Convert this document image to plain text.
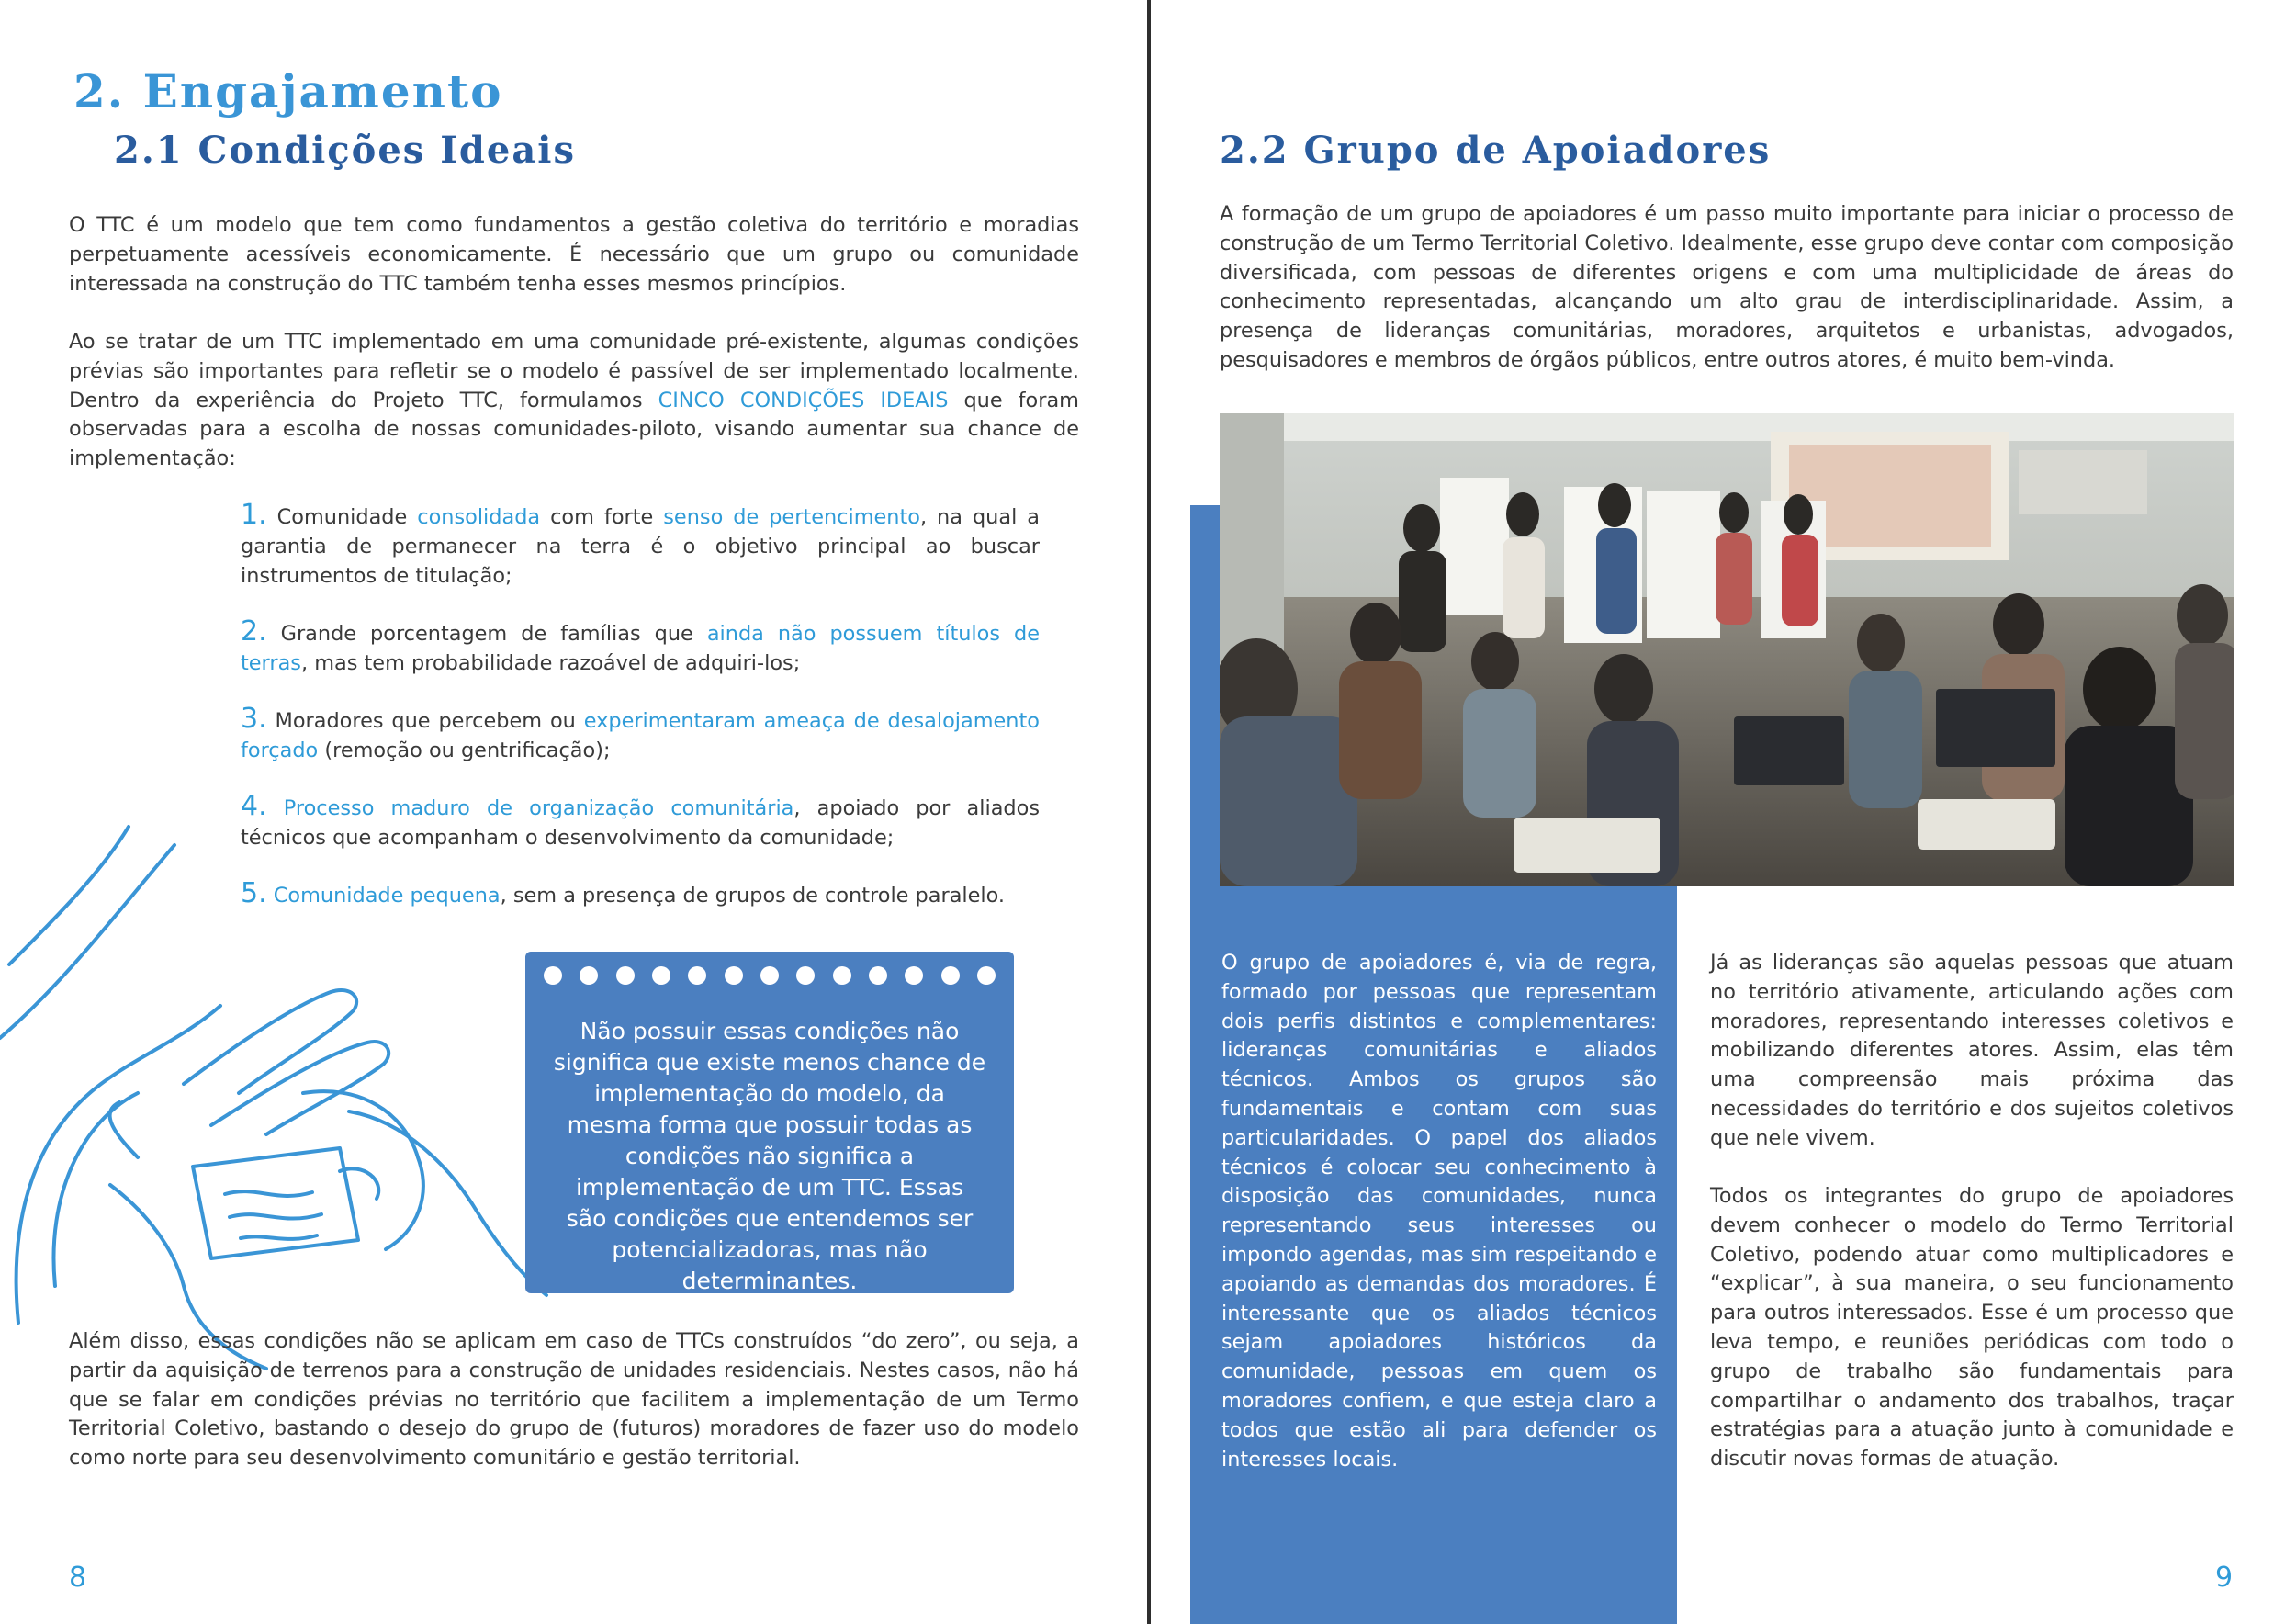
2. Engajamento
2.1 Condições Ideais

O TTC é um modelo que tem como fundamentos a gestão coletiva do território e moradias perpetuamente acessíveis economicamente. É necessário que um grupo ou comunidade interessada na construção do TTC também tenha esses mesmos princípios.

Ao se tratar de um TTC implementado em uma comunidade pré-existente, algumas condições prévias são importantes para refletir se o modelo é passível de ser implementado localmente. Dentro da experiência do Projeto TTC, formulamos CINCO CONDIÇÕES IDEAIS que foram observadas para a escolha de nossas comunidades-piloto, visando aumentar sua chance de implementação:

1. Comunidade consolidada com forte senso de pertencimento, na qual a garantia de permanecer na terra é o objetivo principal ao buscar instrumentos de titulação;

2. Grande porcentagem de famílias que ainda não possuem títulos de terras, mas tem probabilidade razoável de adquiri-los;

3. Moradores que percebem ou experimentaram ameaça de desalojamento forçado (remoção ou gentrificação);

4. Processo maduro de organização comunitária, apoiado por aliados técnicos que acompanham o desenvolvimento da comunidade;

5. Comunidade pequena, sem a presença de grupos de controle paralelo.

Não possuir essas condições não significa que existe menos chance de implementação do modelo, da mesma forma que possuir todas as condições não significa a implementação de um TTC. Essas são condições que entendemos ser potencializadoras, mas não determinantes.

Além disso, essas condições não se aplicam em caso de TTCs construídos “do zero”, ou seja, a partir da aquisição de terrenos para a construção de unidades residenciais. Nestes casos, não há que se falar em condições prévias no território que facilitem a implementação de um Termo Territorial Coletivo, bastando o desejo do grupo de (futuros) moradores de fazer uso do modelo como norte para seu desenvolvimento comunitário e gestão territorial.

8
2.2 Grupo de Apoiadores

A formação de um grupo de apoiadores é um passo muito importante para iniciar o processo de construção de um Termo Territorial Coletivo. Idealmente, esse grupo deve contar com composição diversificada, com pessoas de diferentes origens e com uma multiplicidade de áreas do conhecimento representadas, alcançando um alto grau de interdisciplinaridade. Assim, a presença de lideranças comunitárias, moradores, arquitetos e urbanistas, advogados, pesquisadores e membros de órgãos públicos, entre outros atores, é muito bem-vinda.

O grupo de apoiadores é, via de regra, formado por pessoas que representam dois perfis distintos e complementares: lideranças comunitárias e aliados técnicos. Ambos os grupos são fundamentais e contam com suas particularidades. O papel dos aliados técnicos é colocar seu conhecimento à disposição das comunidades, nunca representando seus interesses ou impondo agendas, mas sim respeitando e apoiando as demandas dos moradores. É interessante que os aliados técnicos sejam apoiadores históricos da comunidade, pessoas em quem os moradores confiem, e que esteja claro a todos que estão ali para defender os interesses locais.

Já as lideranças são aquelas pessoas que atuam no território ativamente, articulando ações com moradores, representando interesses coletivos e mobilizando diferentes atores. Assim, elas têm uma compreensão mais próxima das necessidades do território e dos sujeitos coletivos que nele vivem.

Todos os integrantes do grupo de apoiadores devem conhecer o modelo do Termo Territorial Coletivo, podendo atuar como multiplicadores e “explicar”, à sua maneira, o seu funcionamento para outros interessados. Esse é um processo que leva tempo, e reuniões periódicas com todo o grupo de trabalho são fundamentais para compartilhar o andamento dos trabalhos, traçar estratégias para a atuação junto à comunidade e discutir novas formas de atuação.

9
